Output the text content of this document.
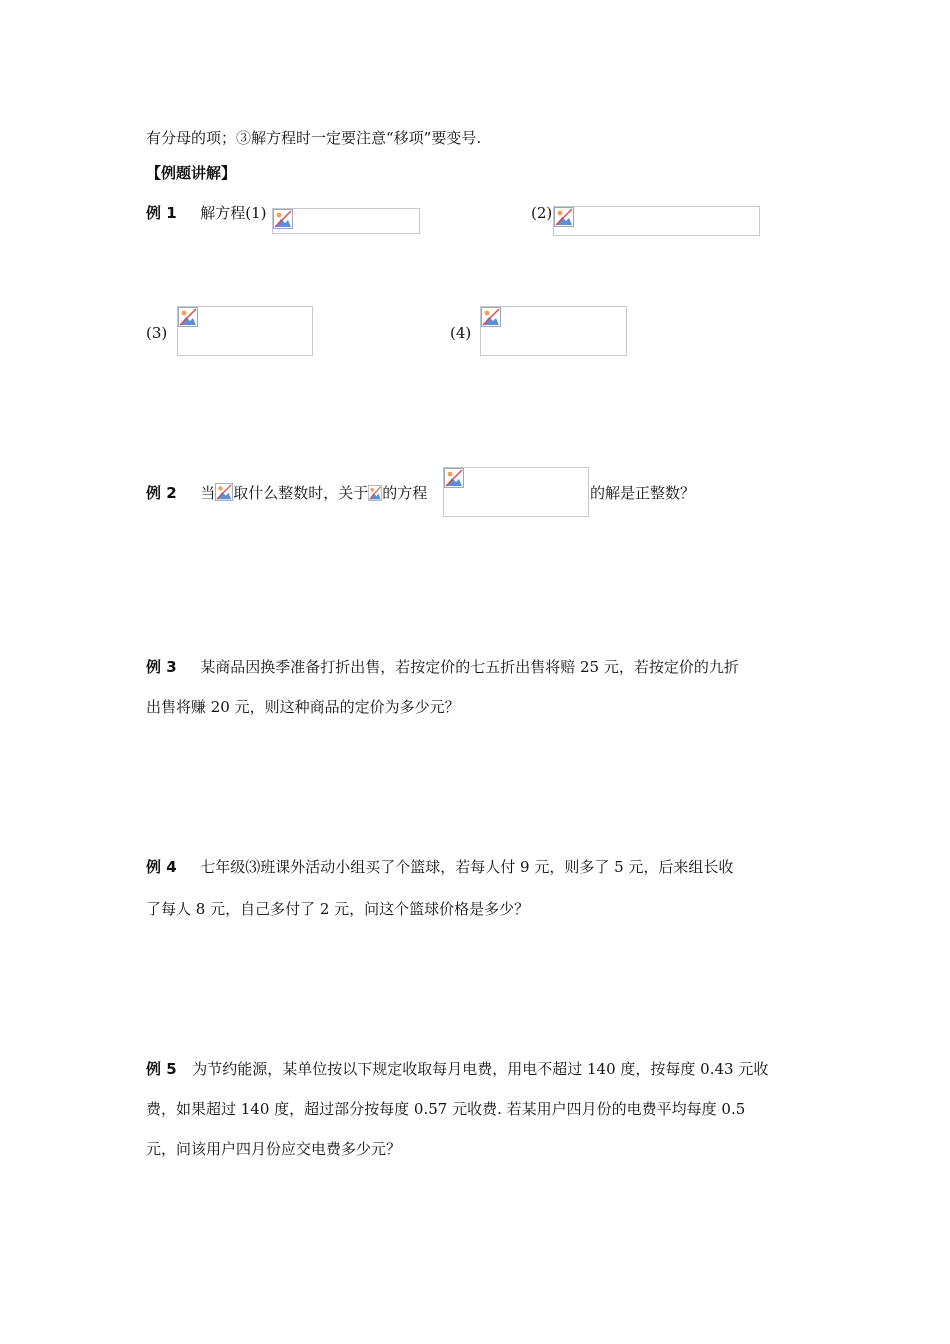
有分母的项；③解方程时一定要注意“移项”要变号.
【例题讲解】
例 1 解方程(1)	(2)
(3)	(4)
例 2 当 取什么整数时，关于 的方程	的解是正整数？
例 3 某商品因换季准备打折出售，若按定价的七五折出售将赔 25 元，若按定价的九折
出售将赚 20 元，则这种商品的定价为多少元？
例 4 七年级⑶班课外活动小组买了个篮球，若每人付 9 元，则多了 5 元，后来组长收
了每人 8 元，自己多付了 2 元，问这个篮球价格是多少？
例 5 为节约能源，某单位按以下规定收取每月电费，用电不超过 140 度，按每度 0.43 元收
费，如果超过 140 度，超过部分按每度 0.57 元收费. 若某用户四月份的电费平均每度 0.5
元，问该用户四月份应交电费多少元？
